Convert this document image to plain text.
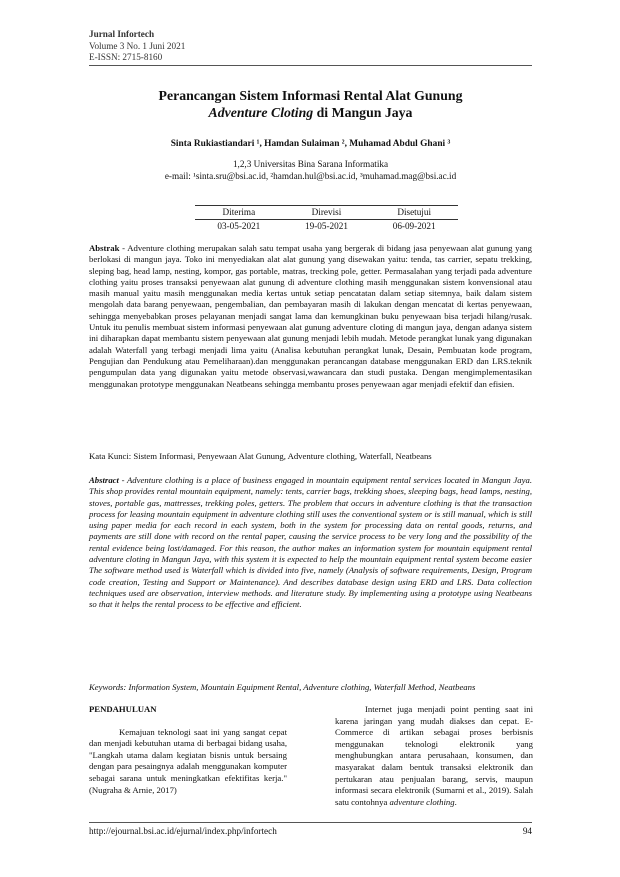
Jurnal Infortech
Volume 3 No. 1 Juni 2021
E-ISSN: 2715-8160
Perancangan Sistem Informasi Rental Alat Gunung
Adventure Cloting di Mangun Jaya
Sinta Rukiastiandari ¹, Hamdan Sulaiman ², Muhamad Abdul Ghani ³
1,2,3 Universitas Bina Sarana Informatika
e-mail: ¹sinta.sru@bsi.ac.id, ²hamdan.hul@bsi.ac.id, ³muhamad.mag@bsi.ac.id
Diterima	Direvisi	Disetujui
03-05-2021	19-05-2021	06-09-2021
Abstrak - Adventure clothing merupakan salah satu tempat usaha yang bergerak di bidang jasa penyewaan alat gunung yang berlokasi di mangun jaya. Toko ini menyediakan alat alat gunung yang disewakan yaitu: tenda, tas carrier, sepatu trekking, sleping bag, head lamp, nesting, kompor, gas portable, matras, trecking pole, getter. Permasalahan yang terjadi pada adventure clothing yaitu proses transaksi penyewaan alat gunung di adventure clothing masih menggunakan sistem konvensional atau masih manual yaitu masih menggunakan media kertas untuk setiap pencatatan dalam setiap sitemnya, baik dalam sistem mengolah data barang penyewaan, pengembalian, dan pembayaran masih di lakukan dengan mencatat di kertas penyewaan, sehingga menyebabkan proses pelayanan menjadi sangat lama dan kemungkinan buku penyewaan bisa terjadi hilang/rusak. Untuk itu penulis membuat sistem informasi penyewaan alat gunung adventure cloting di mangun jaya, dengan adanya sistem ini diharapkan dapat membantu sistem penyewaan alat gunung menjadi lebih mudah. Metode perangkat lunak yang digunakan adalah Waterfall yang terbagi menjadi lima yaitu (Analisa kebutuhan perangkat lunak, Desain, Pembuatan kode program, Pengujian dan Pendukung atau Pemeliharaan).dan menggunakan perancangan database menggunakan ERD dan LRS.teknik pengumpulan data yang digunakan yaitu metode observasi,wawancara dan studi pustaka. Dengan mengimplementasikan menggunakan prototype menggunakan Neatbeans sehingga membantu proses penyewaan agar menjadi efektif dan efisien.
Kata Kunci: Sistem Informasi, Penyewaan Alat Gunung, Adventure clothing, Waterfall, Neatbeans
Abstract - Adventure clothing is a place of business engaged in mountain equipment rental services located in Mangun Jaya. This shop provides rental mountain equipment, namely: tents, carrier bags, trekking shoes, sleeping bags, head lamps, nesting, stoves, portable gas, mattresses, trekking poles, getters. The problem that occurs in adventure clothing is that the transaction process for leasing mountain equipment in adventure clothing still uses the conventional system or is still manual, which is still using paper media for each record in each system, both in the system for processing data on rental goods, returns, and payments are still done with record on the rental paper, causing the service process to be very long and the possibility of the rental evidence being lost/damaged. For this reason, the author makes an information system for mountain equipment rental adventure cloting in Mangun Jaya, with this system it is expected to help the mountain equipment rental system become easier The software method used is Waterfall which is divided into five, namely (Analysis of software requirements, Design, Program code creation, Testing and Support or Maintenance). And describes database design using ERD and LRS. Data collection techniques used are observation, interview methods. and literature study. By implementing using a prototype using Neatbeans so that it helps the rental process to be effective and efficient.
Keywords: Information System, Mountain Equipment Rental, Adventure clothing, Waterfall Method, Neatbeans
PENDAHULUAN
Kemajuan teknologi saat ini yang sangat cepat dan menjadi kebutuhan utama di berbagai bidang usaha, "Langkah utama dalam kegiatan bisnis untuk bersaing dengan para pesaingnya adalah menggunakan komputer sebagai sarana untuk meningkatkan efektifitas kerja."(Nugraha & Arnie, 2017)
Internet juga menjadi point penting saat ini karena jaringan yang mudah diakses dan cepat. E-Commerce di artikan sebagai proses berbisnis menggunakan teknologi elektronik yang menghubungkan antara perusahaan, konsumen, dan masyarakat dalam bentuk transaksi elektronik dan pertukaran atau penjualan barang, servis, maupun informasi secara elektronik (Sumarni et al., 2019). Salah satu contohnya adventure clothing.
http://ejournal.bsi.ac.id/ejurnal/index.php/infortech	94
